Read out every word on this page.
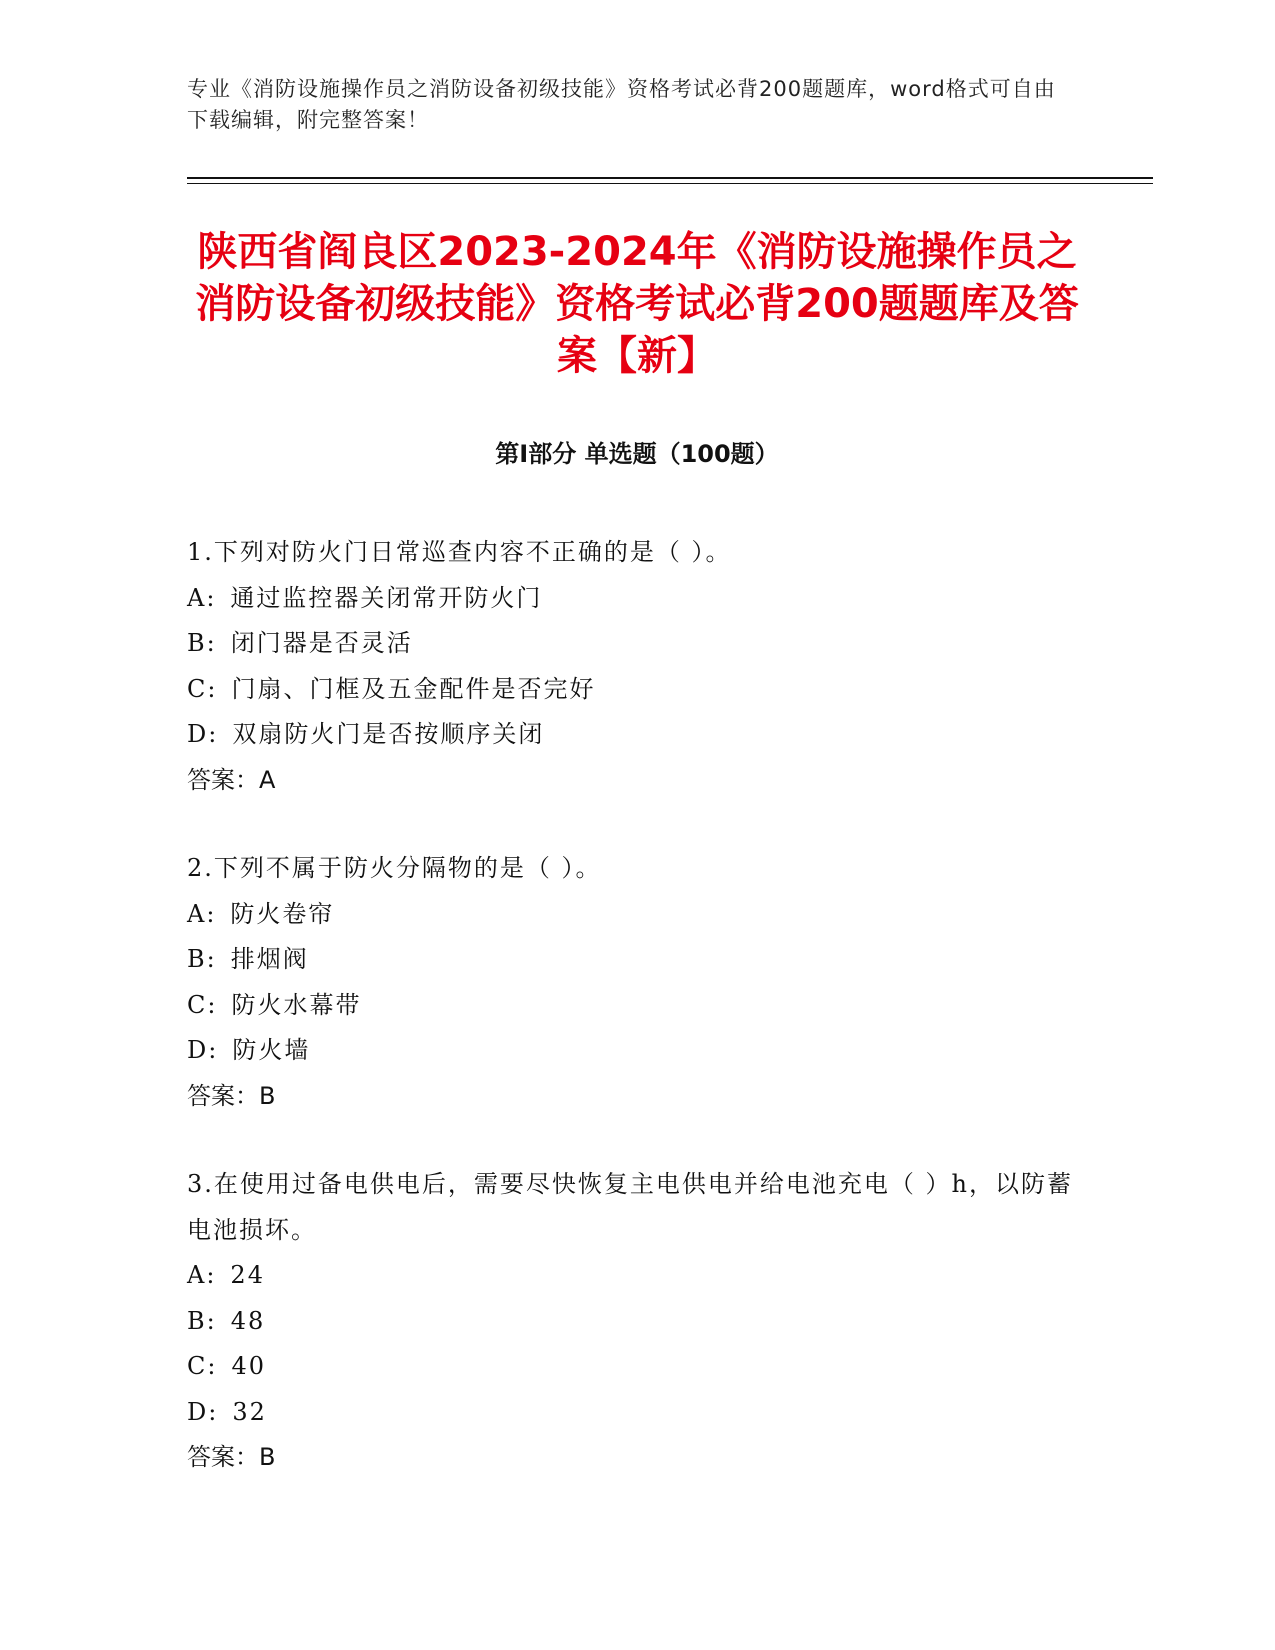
专业《消防设施操作员之消防设备初级技能》资格考试必背200题题库，word格式可自由下载编辑，附完整答案！
陕西省阎良区2023-2024年《消防设施操作员之消防设备初级技能》资格考试必背200题题库及答案【新】
第I部分 单选题（100题）

1.下列对防火门日常巡查内容不正确的是（ ）。

A: 通过监控器关闭常开防火门

B: 闭门器是否灵活

C: 门扇、门框及五金配件是否完好

D: 双扇防火门是否按顺序关闭

答案：A

2.下列不属于防火分隔物的是（ ）。

A: 防火卷帘

B: 排烟阀

C: 防火水幕带

D: 防火墙

答案：B

3.在使用过备电供电后，需要尽快恢复主电供电并给电池充电（ ）h，以防蓄电池损坏。

A: 24

B: 48

C: 40

D: 32

答案：B
